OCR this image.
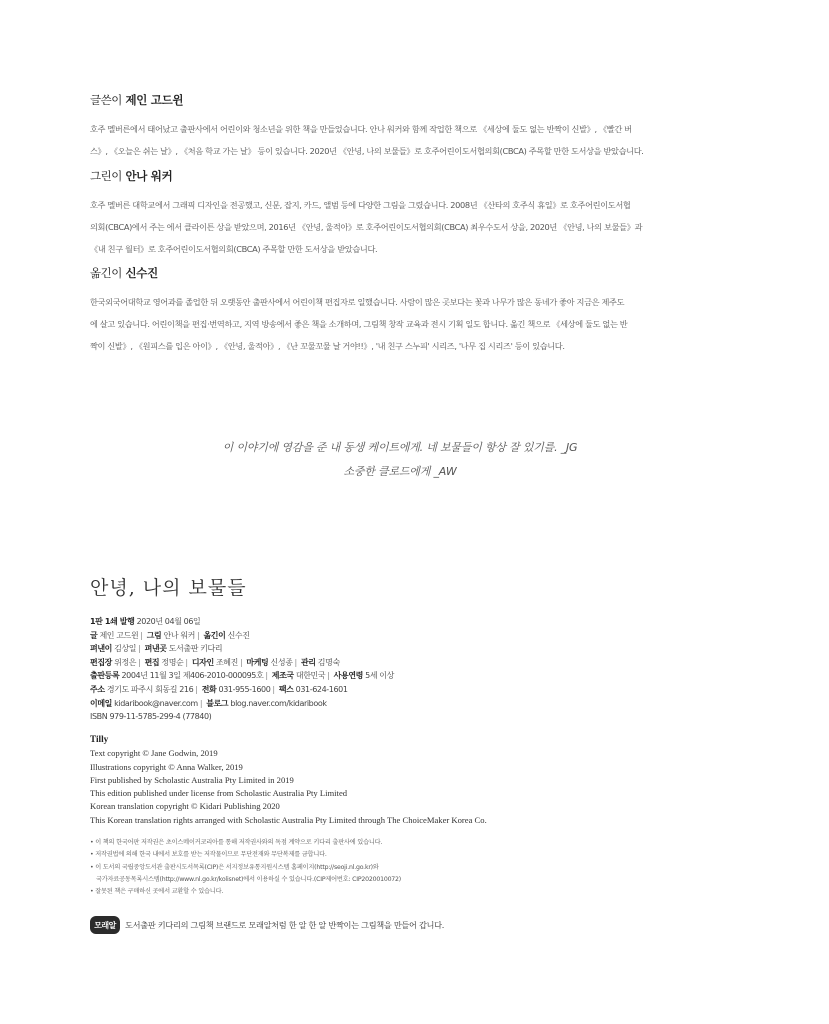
글쓴이 제인 고드윈

호주 멜버른에서 태어났고 출판사에서 어린이와 청소년을 위한 책을 만들었습니다. 안나 워커와 함께 작업한 책으로 《세상에 둘도 없는 반짝이 신발》, 《빨간 버
스》, 《오늘은 쉬는 날》, 《처음 학교 가는 날》 등이 있습니다. 2020년 《안녕, 나의 보물들》로 호주어린이도서협의회(CBCA) 주목할 만한 도서상을 받았습니다.

그린이 안나 워커

호주 멜버른 대학교에서 그래픽 디자인을 전공했고, 신문, 잡지, 카드, 앨범 등에 다양한 그림을 그렸습니다. 2008년 《산타의 호주식 휴일》로 호주어린이도서협
의회(CBCA)에서 주는 에서 클라이튼 상을 받았으며, 2016년 《안녕, 울적아》로 호주어린이도서협의회(CBCA) 최우수도서 상을, 2020년 《안녕, 나의 보물들》과
《내 친구 월터》로 호주어린이도서협의회(CBCA) 주목할 만한 도서상을 받았습니다.

옮긴이 신수진

한국외국어대학교 영어과를 졸업한 뒤 오랫동안 출판사에서 어린이책 편집자로 일했습니다. 사람이 많은 곳보다는 꽃과 나무가 많은 동네가 좋아 지금은 제주도
에 살고 있습니다. 어린이책을 편집·번역하고, 지역 방송에서 좋은 책을 소개하며, 그림책 창작 교육과 전시 기획 일도 합니다. 옮긴 책으로 《세상에 둘도 없는 반
짝이 신발》, 《원피스를 입은 아이》, 《안녕, 울적아》, 《난 꼬물꼬물 날 거야!!》, '내 친구 스누피' 시리즈, '나무 집 시리즈' 등이 있습니다.

이 이야기에 영감을 준 내 동생 케이트에게. 네 보물들이 항상 잘 있기를. _JG
소중한 클로드에게 _AW
안녕, 나의 보물들
1판 1쇄 발행 2020년 04월 06일
글 제인 고드윈 | 그림 안나 워커 | 옮긴이 신수진
펴낸이 김상일 | 펴낸곳 도서출판 키다리
편집장 위정은 | 편집 정명순 | 디자인 조혜진 | 마케팅 신성종 | 관리 김명숙
출판등록 2004년 11월 3일 제406-2010-000095호 | 제조국 대한민국 | 사용연령 5세 이상
주소 경기도 파주시 회동길 216 | 전화 031-955-1600 | 팩스 031-624-1601
이메일 kidaribook@naver.com | 블로그 blog.naver.com/kidaribook
ISBN 979-11-5785-299-4 (77840)
Tilly
Text copyright © Jane Godwin, 2019
Illustrations copyright © Anna Walker, 2019
First published by Scholastic Australia Pty Limited in 2019
This edition published under license from Scholastic Australia Pty Limited
Korean translation copyright © Kidari Publishing 2020
This Korean translation rights arranged with Scholastic Australia Pty Limited through The ChoiceMaker Korea Co.
• 이 책의 한국어판 저작권은 초이스메이커코리아를 통해 저작권사와의 독점 계약으로 키다리 출판사에 있습니다.
• 저작권법에 의해 한국 내에서 보호를 받는 저작물이므로 무단전재와 무단복제를 금합니다.
• 이 도서의 국립중앙도서관 출판시도서목록(CIP)은 서지정보유통지원시스템 홈페이지(http://seoji.nl.go.kr)와
국가자료공동목록시스템(http://www.nl.go.kr/kolisnet)에서 이용하실 수 있습니다.(CIP제어번호: CIP2020010072)
• 잘못된 책은 구매하신 곳에서 교환할 수 있습니다.
모래알	도서출판 키다리의 그림책 브랜드로 모래알처럼 한 알 한 알 반짝이는 그림책을 만들어 갑니다.
